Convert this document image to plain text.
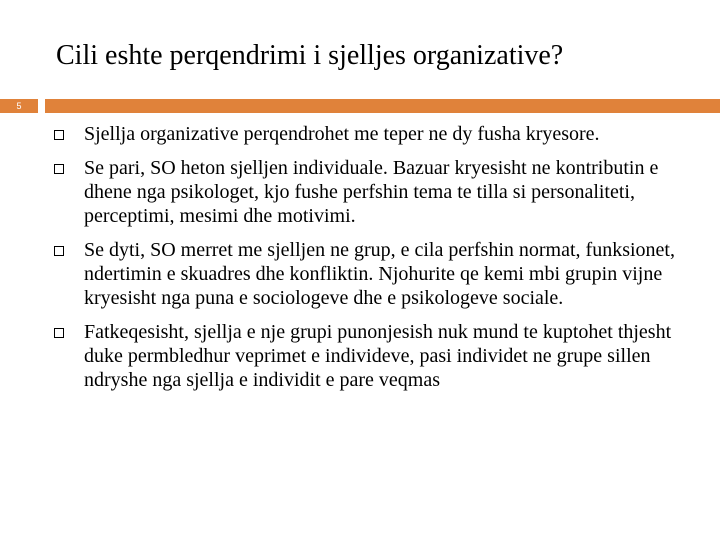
Cili eshte perqendrimi i sjelljes organizative?
5
Sjellja organizative perqendrohet me teper ne dy fusha kryesore.
Se pari, SO heton sjelljen individuale. Bazuar kryesisht ne kontributin e dhene nga psikologet, kjo fushe perfshin tema te tilla si personaliteti, perceptimi, mesimi dhe motivimi.
Se dyti, SO merret me sjelljen ne grup, e cila perfshin normat, funksionet, ndertimin e skuadres dhe konfliktin. Njohurite qe kemi mbi grupin vijne kryesisht nga puna e sociologeve dhe e psikologeve sociale.
Fatkeqesisht, sjellja e nje grupi punonjesish nuk mund te kuptohet thjesht duke permbledhur veprimet e individeve, pasi individet ne grupe sillen ndryshe nga sjellja e individit e pare veqmas
